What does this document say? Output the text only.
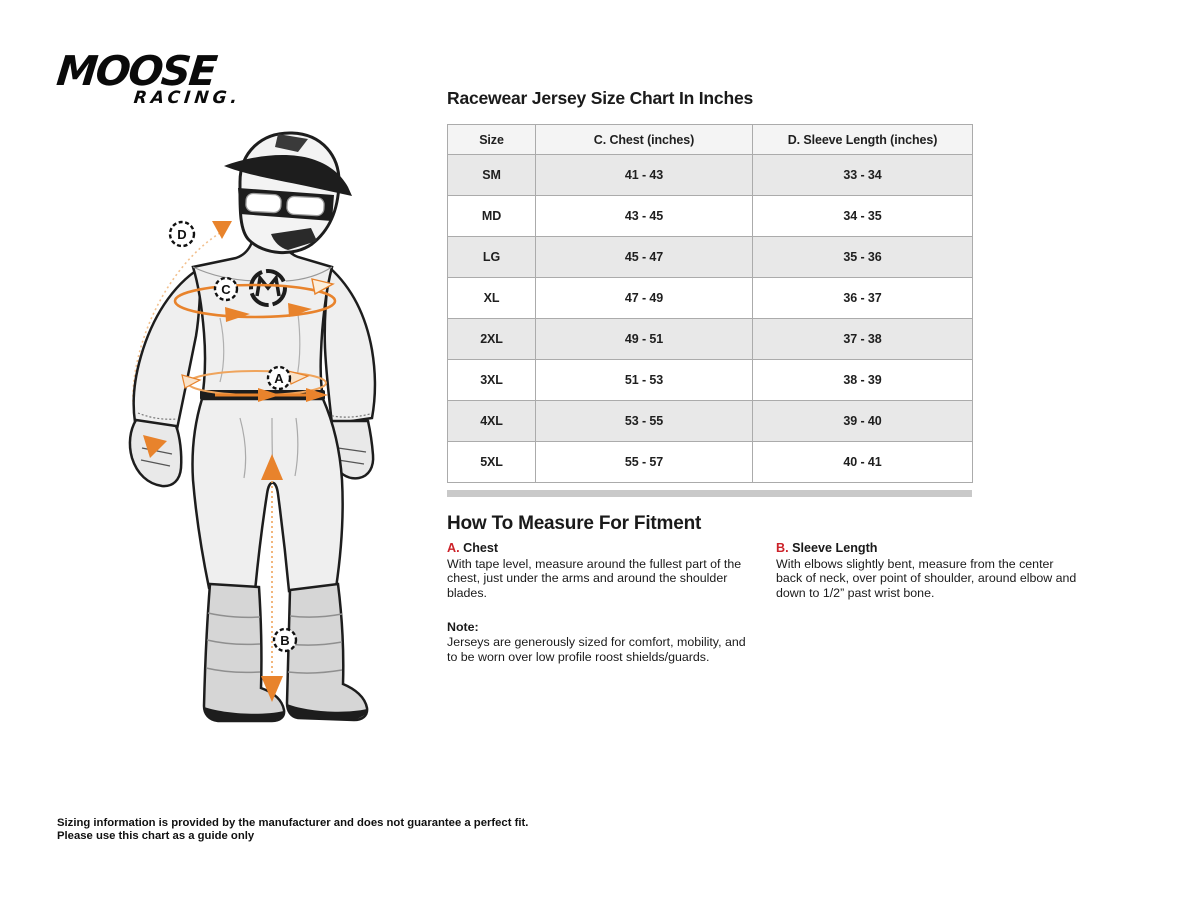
MOOSE
RACING.
D
C
A
B
Racewear Jersey Size Chart In Inches
Size	C. Chest (inches)	D. Sleeve Length (inches)
SM	41 - 43	33 - 34
MD	43 - 45	34 - 35
LG	45 - 47	35 - 36
XL	47 - 49	36 - 37
2XL	49 - 51	37 - 38
3XL	51 - 53	38 - 39
4XL	53 - 55	39 - 40
5XL	55 - 57	40 - 41
How To Measure For Fitment
A. Chest
With tape level, measure around the fullest part of the chest, just under the arms and around the shoulder blades.
B. Sleeve Length
With elbows slightly bent, measure from the center back of neck, over point of shoulder, around elbow and down to 1/2” past wrist bone.
Note:
Jerseys are generously sized for comfort, mobility, and to be worn over low profile roost shields/guards.
Sizing information is provided by the manufacturer and does not guarantee a perfect fit.
Please use this chart as a guide only
